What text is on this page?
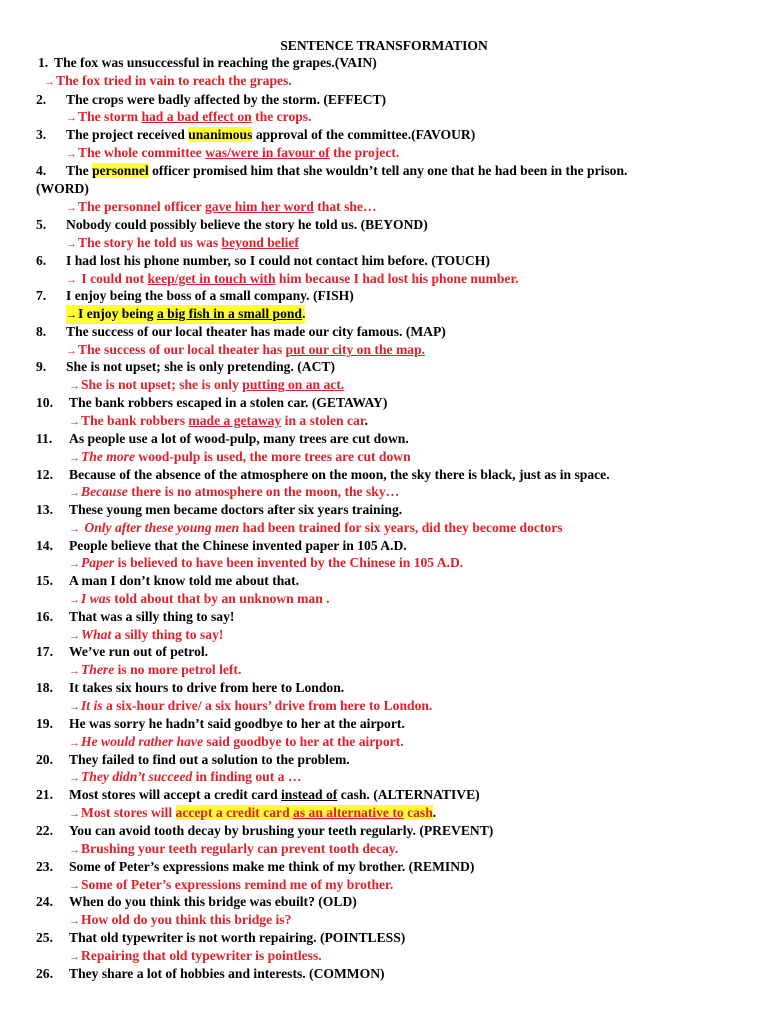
SENTENCE TRANSFORMATION
1. The fox was unsuccessful in reaching the grapes.(VAIN)
→The fox tried in vain to reach the grapes.
2. The crops were badly affected by the storm. (EFFECT)
→The storm had a bad effect on the crops.
3. The project received unanimous approval of the committee.(FAVOUR)
→The whole committee was/were in favour of the project.
4. The personnel officer promised him that she wouldn’t tell any one that he had been in the prison.
(WORD)
→The personnel officer gave him her word that she…
5. Nobody could possibly believe the story he told us. (BEYOND)
→The story he told us was beyond belief
6. I had lost his phone number, so I could not contact him before. (TOUCH)
→ I could not keep/get in touch with him because I had lost his phone number.
7. I enjoy being the boss of a small company. (FISH)
→I enjoy being a big fish in a small pond.
8. The success of our local theater has made our city famous. (MAP)
→The success of our local theater has put our city on the map.
9. She is not upset; she is only pretending. (ACT)
→She is not upset; she is only putting on an act.
10. The bank robbers escaped in a stolen car. (GETAWAY)
→The bank robbers made a getaway in a stolen car.
11. As people use a lot of wood-pulp, many trees are cut down.
→The more wood-pulp is used, the more trees are cut down
12. Because of the absence of the atmosphere on the moon, the sky there is black, just as in space.
→Because there is no atmosphere on the moon, the sky…
13. These young men became doctors after six years training.
→ Only after these young men had been trained for six years, did they become doctors
14. People believe that the Chinese invented paper in 105 A.D.
→Paper is believed to have been invented by the Chinese in 105 A.D.
15. A man I don’t know told me about that.
→I was told about that by an unknown man .
16. That was a silly thing to say!
→What a silly thing to say!
17. We’ve run out of petrol.
→There is no more petrol left.
18. It takes six hours to drive from here to London.
→It is a six-hour drive/ a six hours’ drive from here to London.
19. He was sorry he hadn’t said goodbye to her at the airport.
→He would rather have said goodbye to her at the airport.
20. They failed to find out a solution to the problem.
→They didn’t succeed in finding out a …
21. Most stores will accept a credit card instead of cash. (ALTERNATIVE)
→Most stores will accept a credit card as an alternative to cash.
22. You can avoid tooth decay by brushing your teeth regularly. (PREVENT)
→Brushing your teeth regularly can prevent tooth decay.
23. Some of Peter’s expressions make me think of my brother. (REMIND)
→Some of Peter’s expressions remind me of my brother.
24. When do you think this bridge was ebuilt? (OLD)
→How old do you think this bridge is?
25. That old typewriter is not worth repairing. (POINTLESS)
→Repairing that old typewriter is pointless.
26. They share a lot of hobbies and interests. (COMMON)
